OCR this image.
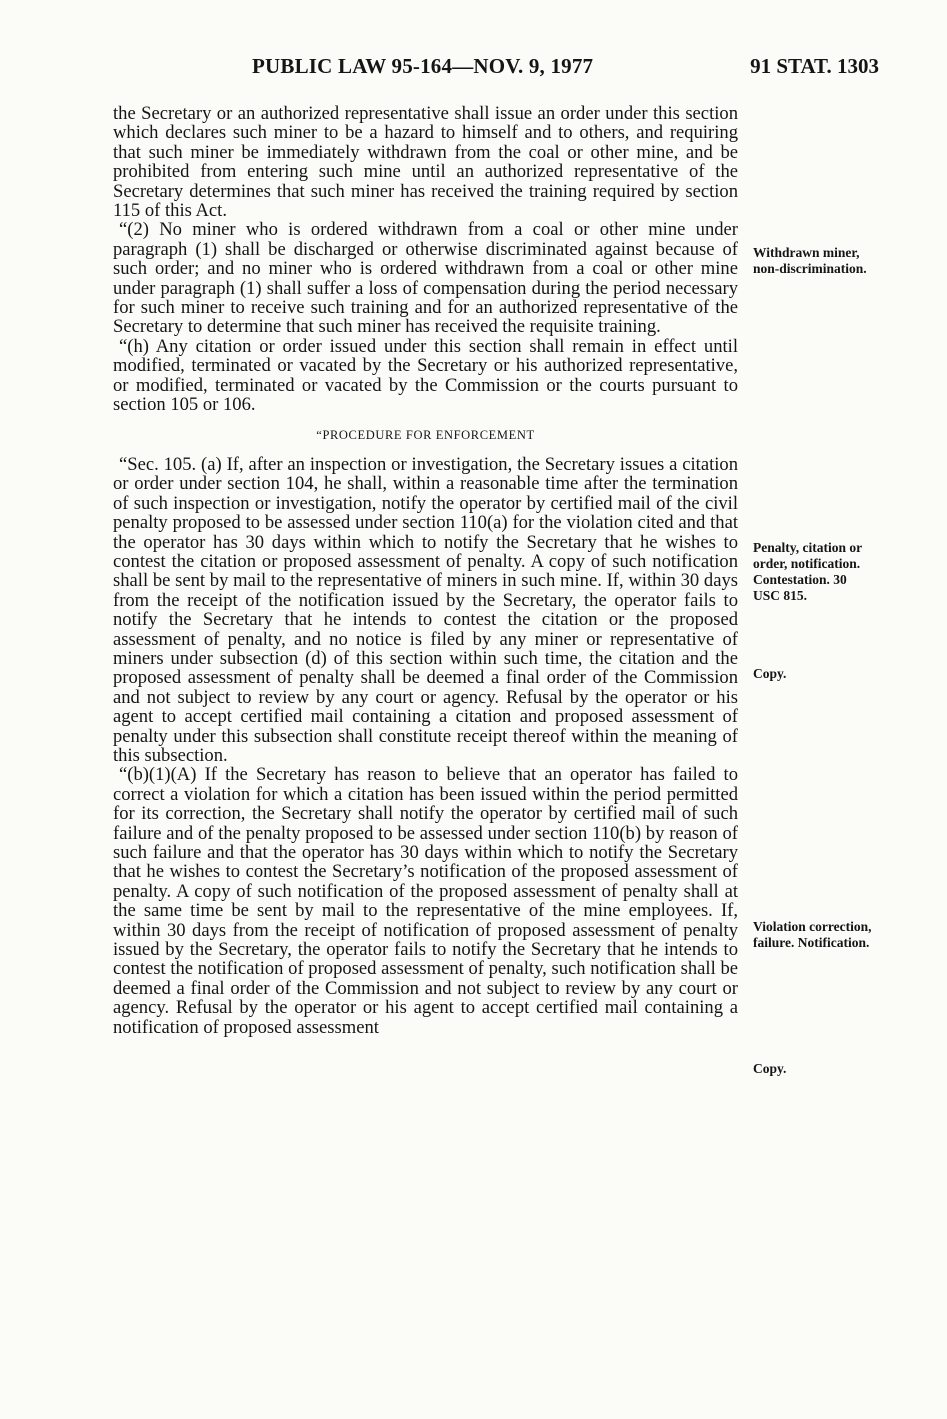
PUBLIC LAW 95-164—NOV. 9, 1977	91 STAT. 1303

the Secretary or an authorized representative shall issue an order under this section which declares such miner to be a hazard to himself and to others, and requiring that such miner be immediately withdrawn from the coal or other mine, and be prohibited from entering such mine until an authorized representative of the Secretary determines that such miner has received the training required by section 115 of this Act.

“(2) No miner who is ordered withdrawn from a coal or other mine under paragraph (1) shall be discharged or otherwise discriminated against because of such order; and no miner who is ordered withdrawn from a coal or other mine under paragraph (1) shall suffer a loss of compensation during the period necessary for such miner to receive such training and for an authorized representative of the Secretary to determine that such miner has received the requisite training.

“(h) Any citation or order issued under this section shall remain in effect until modified, terminated or vacated by the Secretary or his authorized representative, or modified, terminated or vacated by the Commission or the courts pursuant to section 105 or 106.

“PROCEDURE FOR ENFORCEMENT

“Sec. 105. (a) If, after an inspection or investigation, the Secretary issues a citation or order under section 104, he shall, within a reasonable time after the termination of such inspection or investigation, notify the operator by certified mail of the civil penalty proposed to be assessed under section 110(a) for the violation cited and that the operator has 30 days within which to notify the Secretary that he wishes to contest the citation or proposed assessment of penalty. A copy of such notification shall be sent by mail to the representative of miners in such mine. If, within 30 days from the receipt of the notification issued by the Secretary, the operator fails to notify the Secretary that he intends to contest the citation or the proposed assessment of penalty, and no notice is filed by any miner or representative of miners under subsection (d) of this section within such time, the citation and the proposed assessment of penalty shall be deemed a final order of the Commission and not subject to review by any court or agency. Refusal by the operator or his agent to accept certified mail containing a citation and proposed assessment of penalty under this subsection shall constitute receipt thereof within the meaning of this subsection.

“(b)(1)(A) If the Secretary has reason to believe that an operator has failed to correct a violation for which a citation has been issued within the period permitted for its correction, the Secretary shall notify the operator by certified mail of such failure and of the penalty proposed to be assessed under section 110(b) by reason of such failure and that the operator has 30 days within which to notify the Secretary that he wishes to contest the Secretary’s notification of the proposed assessment of penalty. A copy of such notification of the proposed assessment of penalty shall at the same time be sent by mail to the representative of the mine employees. If, within 30 days from the receipt of notification of proposed assessment of penalty issued by the Secretary, the operator fails to notify the Secretary that he intends to contest the notification of proposed assessment of penalty, such notification shall be deemed a final order of the Commission and not subject to review by any court or agency. Refusal by the operator or his agent to accept certified mail containing a notification of proposed assessment

Withdrawn miner, non-discrimination.
Penalty, citation or order, notification. Contestation. 30 USC 815.
Copy.
Violation correction, failure. Notification.
Copy.
